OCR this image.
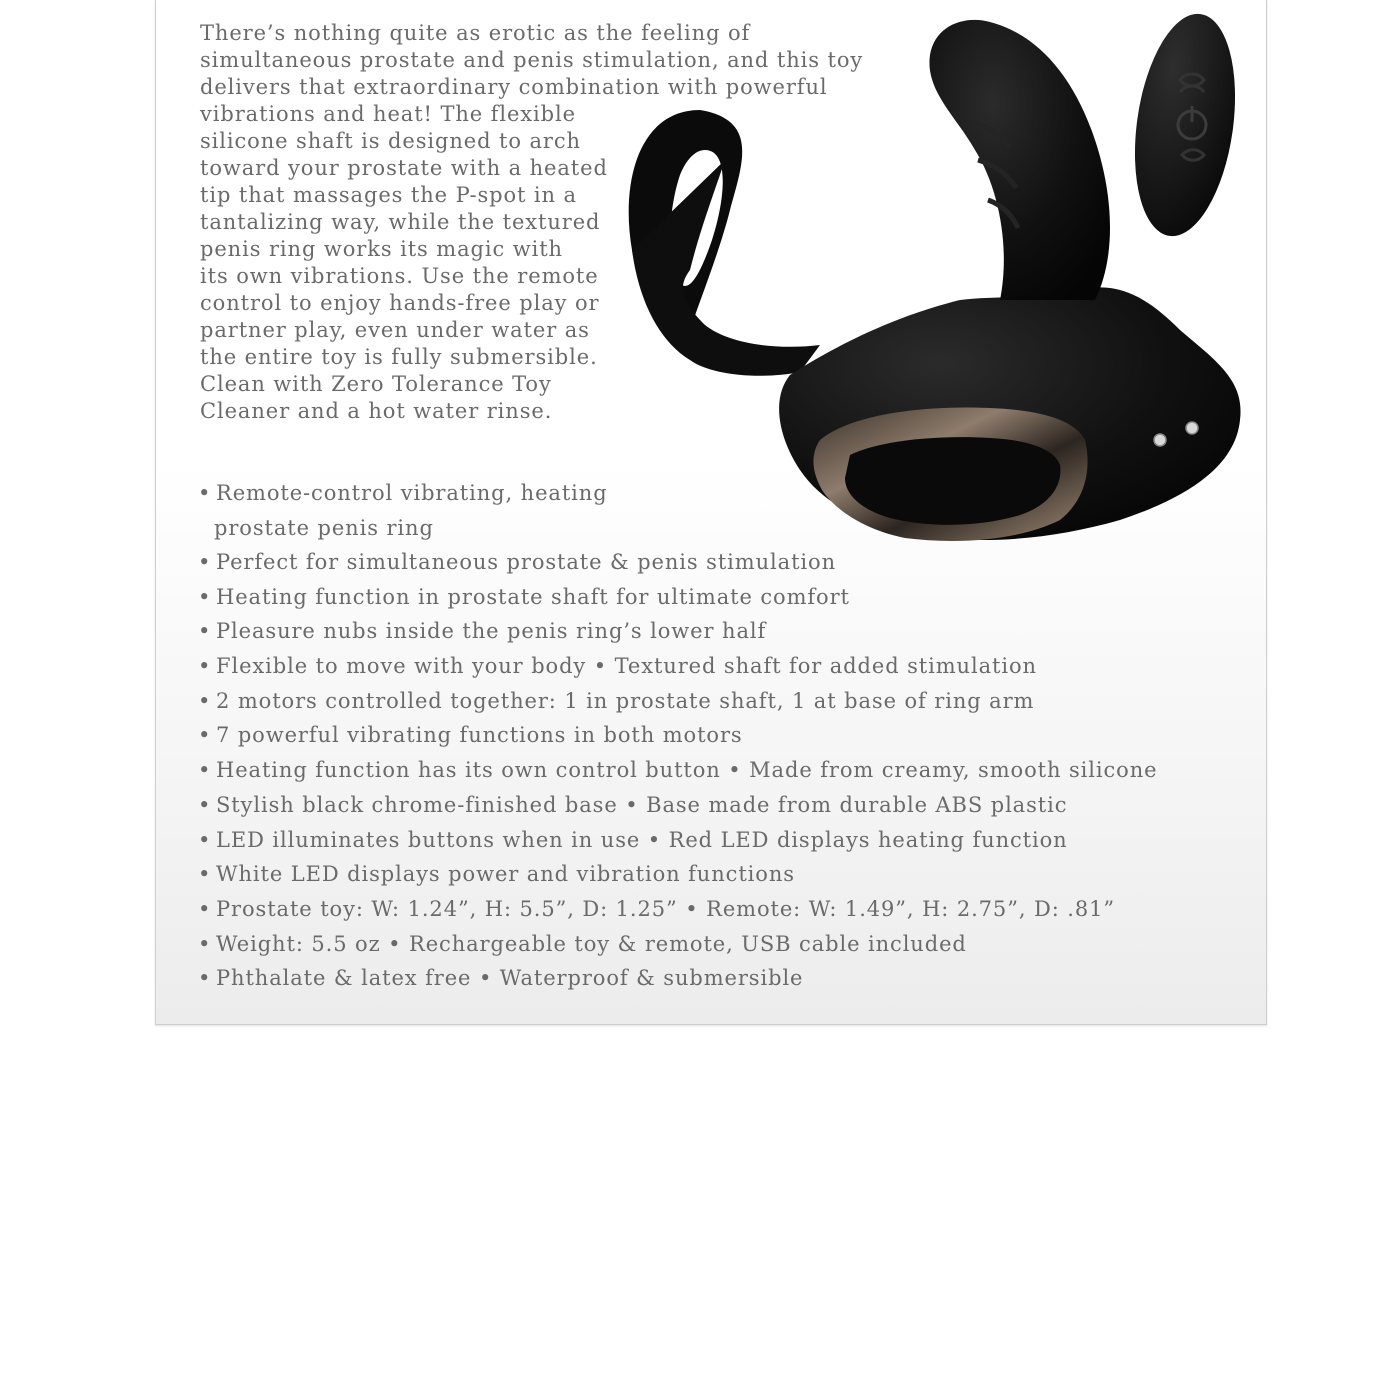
There’s nothing quite as erotic as the feeling of
simultaneous prostate and penis stimulation, and this toy
delivers that extraordinary combination with powerful
vibrations and heat! The flexible
silicone shaft is designed to arch
toward your prostate with a heated
tip that massages the P-spot in a
tantalizing way, while the textured
penis ring works its magic with
its own vibrations. Use the remote
control to enjoy hands-free play or
partner play, even under water as
the entire toy is fully submersible.
Clean with Zero Tolerance Toy
Cleaner and a hot water rinse.
• Remote-control vibrating, heating
prostate penis ring
• Perfect for simultaneous prostate & penis stimulation
• Heating function in prostate shaft for ultimate comfort
• Pleasure nubs inside the penis ring’s lower half
• Flexible to move with your body • Textured shaft for added stimulation
• 2 motors controlled together: 1 in prostate shaft, 1 at base of ring arm
• 7 powerful vibrating functions in both motors
• Heating function has its own control button • Made from creamy, smooth silicone
• Stylish black chrome-finished base • Base made from durable ABS plastic
• LED illuminates buttons when in use • Red LED displays heating function
• White LED displays power and vibration functions
• Prostate toy: W: 1.24”, H: 5.5”, D: 1.25” • Remote: W: 1.49”, H: 2.75”, D: .81”
• Weight: 5.5 oz • Rechargeable toy & remote, USB cable included
• Phthalate & latex free • Waterproof & submersible
